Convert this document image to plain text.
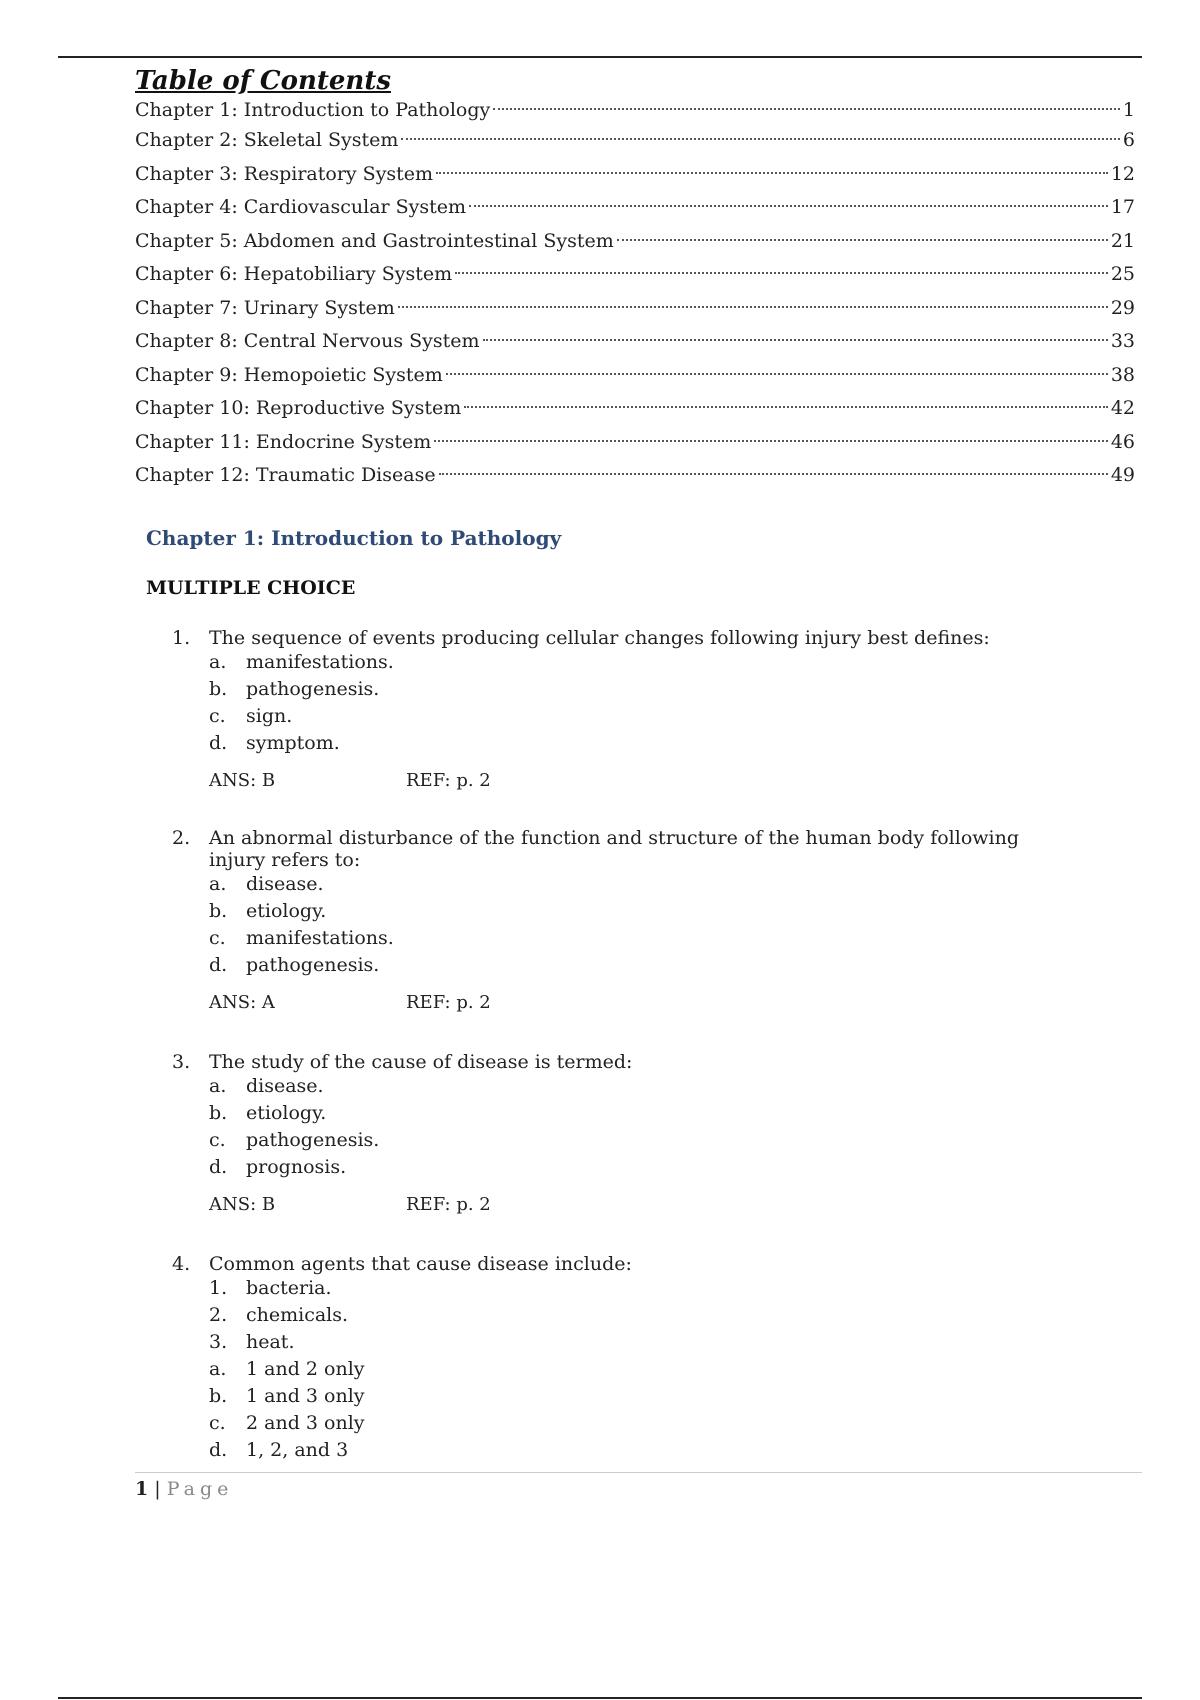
Table of Contents
Chapter 1: Introduction to Pathology	1
Chapter 2: Skeletal System	6
Chapter 3: Respiratory System	12
Chapter 4: Cardiovascular System	17
Chapter 5: Abdomen and Gastrointestinal System	21
Chapter 6: Hepatobiliary System	25
Chapter 7: Urinary System	29
Chapter 8: Central Nervous System	33
Chapter 9: Hemopoietic System	38
Chapter 10: Reproductive System	42
Chapter 11: Endocrine System	46
Chapter 12: Traumatic Disease	49
Chapter 1: Introduction to Pathology
MULTIPLE CHOICE
1. The sequence of events producing cellular changes following injury best defines:
a.	manifestations.
b. pathogenesis.
c.	sign.
d. symptom.
ANS: B	REF: p. 2
2. An abnormal disturbance of the function and structure of the human body following injury refers to:
a.	disease.
b. etiology.
c.	manifestations.
d. pathogenesis.
ANS: A	REF: p. 2
3. The study of the cause of disease is termed:
a.	disease.
b. etiology.
c.	pathogenesis.
d. prognosis.
ANS: B	REF: p. 2
4. Common agents that cause disease include:
1. bacteria.
2. chemicals.
3. heat.
a.	1 and 2 only
b. 1 and 3 only
c.	2 and 3 only
d. 1, 2, and 3
1 | Page
